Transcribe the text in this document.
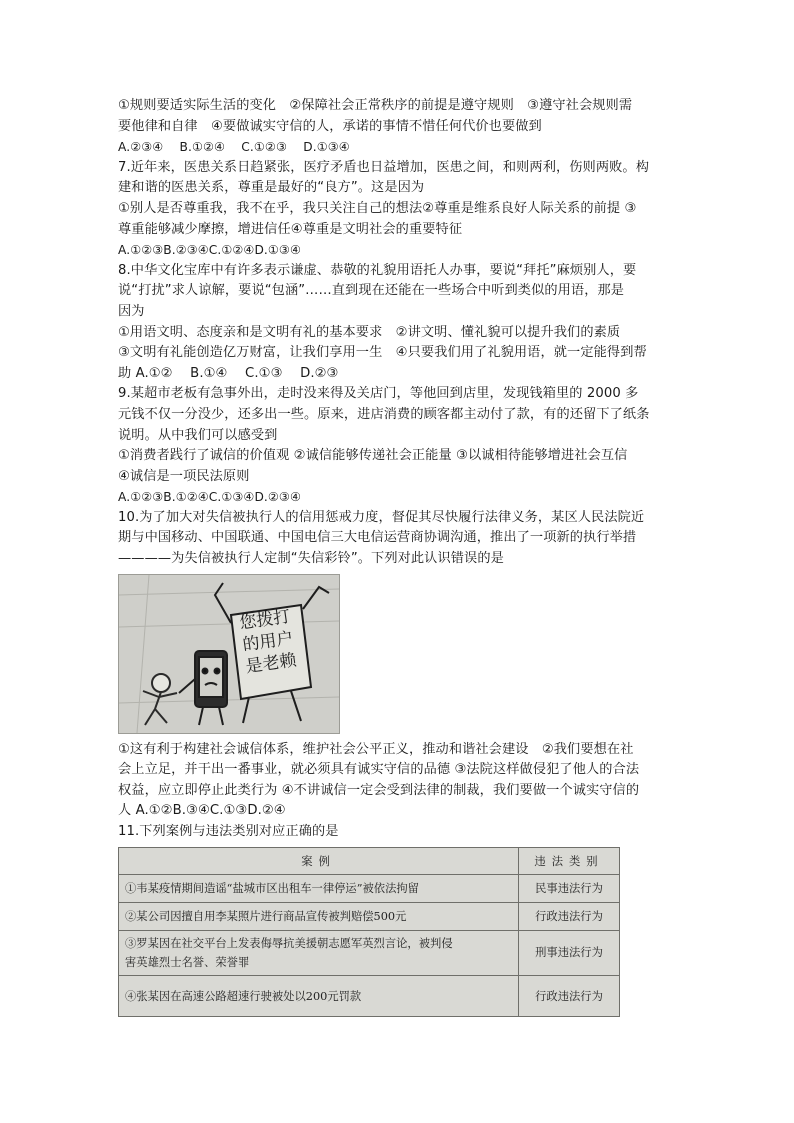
①规则要适实际生活的变化　②保障社会正常秩序的前提是遵守规则　③遵守社会规则需
要他律和自律　④要做诚实守信的人，承诺的事情不惜任何代价也要做到
A.②③④　 B.①②④　 C.①②③　 D.①③④
7.近年来，医患关系日趋紧张，医疗矛盾也日益增加，医患之间，和则两利，伤则两败。构
建和谐的医患关系，尊重是最好的“良方”。这是因为
①别人是否尊重我，我不在乎，我只关注自己的想法②尊重是维系良好人际关系的前提 ③
尊重能够减少摩擦，增进信任④尊重是文明社会的重要特征
A.①②③B.②③④C.①②④D.①③④
8.中华文化宝库中有许多表示谦虚、恭敬的礼貌用语托人办事，要说“拜托”麻烦别人，要
说“打扰”求人谅解，要说“包涵”……直到现在还能在一些场合中听到类似的用语，那是
因为
①用语文明、态度亲和是文明有礼的基本要求　②讲文明、懂礼貌可以提升我们的素质
③文明有礼能创造亿万财富，让我们享用一生　④只要我们用了礼貌用语，就一定能得到帮
助 A.①②　 B.①④　 C.①③　 D.②③
9.某超市老板有急事外出，走时没来得及关店门，等他回到店里，发现钱箱里的 2000 多
元钱不仅一分没少，还多出一些。原来，进店消费的顾客都主动付了款，有的还留下了纸条
说明。从中我们可以感受到
①消费者践行了诚信的价值观 ②诚信能够传递社会正能量 ③以诚相待能够增进社会互信
④诚信是一项民法原则
A.①②③B.①②④C.①③④D.②③④
10.为了加大对失信被执行人的信用惩戒力度，督促其尽快履行法律义务，某区人民法院近
期与中国移动、中国联通、中国电信三大电信运营商协调沟通，推出了一项新的执行举措
————为失信被执行人定制“失信彩铃”。下列对此认识错误的是
您拨打
的用户
是老赖
①这有利于构建社会诚信体系，维护社会公平正义，推动和谐社会建设　②我们要想在社
会上立足，并干出一番事业，就必须具有诚实守信的品德 ③法院这样做侵犯了他人的合法
权益，应立即停止此类行为 ④不讲诚信一定会受到法律的制裁，我们要做一个诚实守信的
人 A.①②B.③④C.①③D.②④
11.下列案例与违法类别对应正确的是
案例	违法类别
①韦某疫情期间造谣“盐城市区出租车一律停运”被依法拘留	民事违法行为
②某公司因擅自用李某照片进行商品宣传被判赔偿500元	行政违法行为

③罗某因在社交平台上发表侮辱抗美援朝志愿军英烈言论，被判侵
害英雄烈士名誉、荣誉罪	刑事违法行为
④张某因在高速公路超速行驶被处以200元罚款	行政违法行为
